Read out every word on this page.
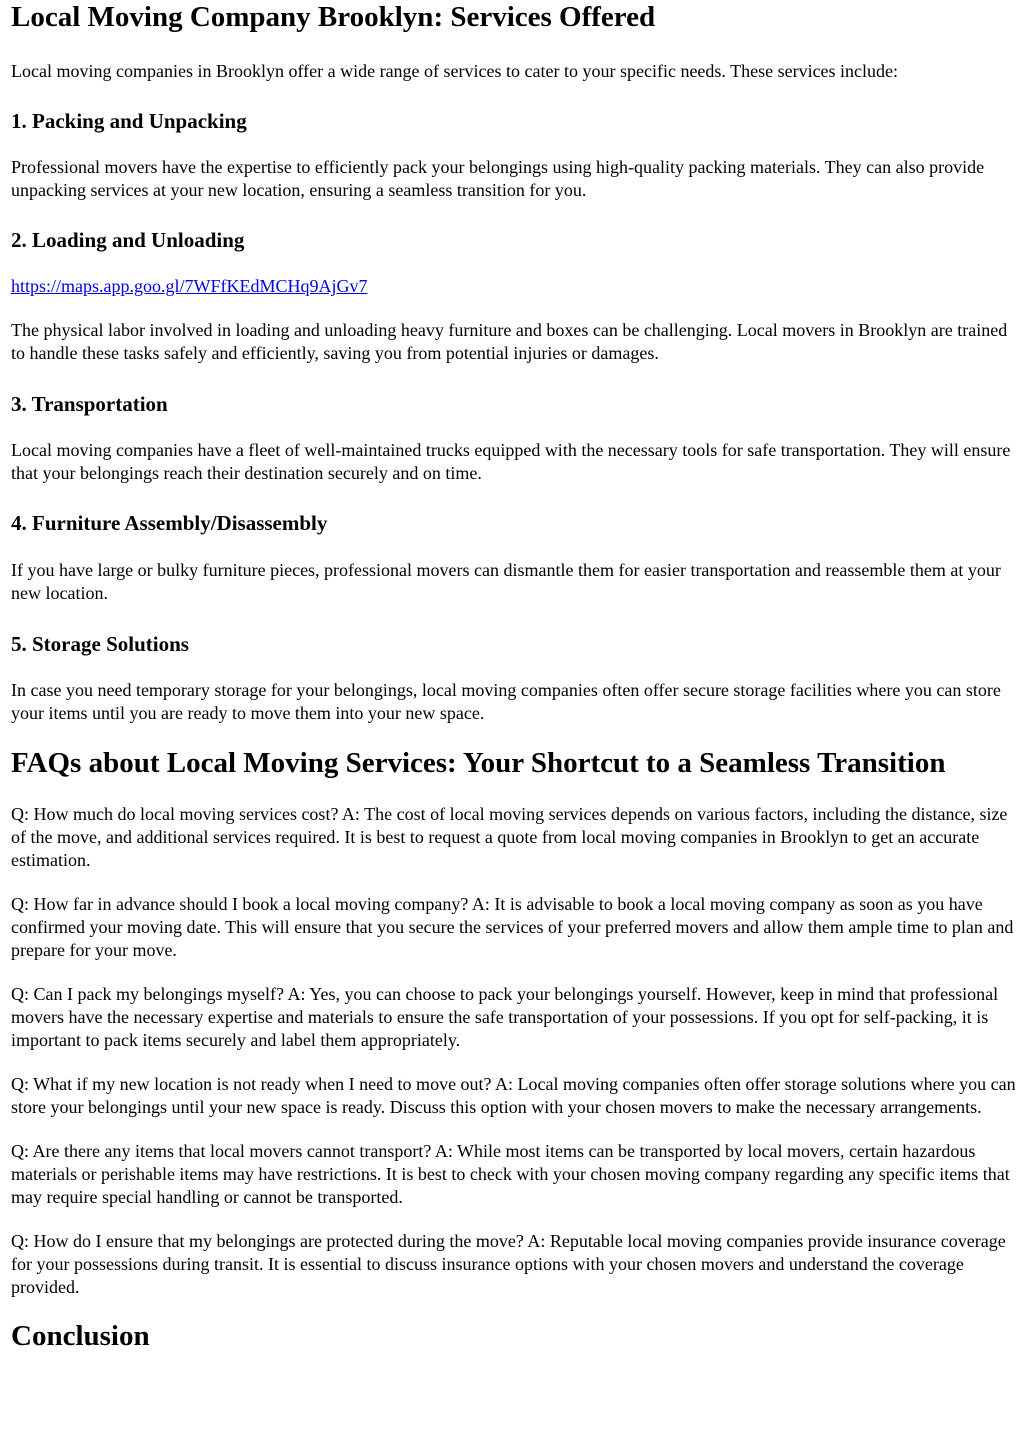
Local Moving Company Brooklyn: Services Offered

Local moving companies in Brooklyn offer a wide range of services to cater to your specific needs. These services include:

1. Packing and Unpacking

Professional movers have the expertise to efficiently pack your belongings using high-quality packing materials. They can also provide unpacking services at your new location, ensuring a seamless transition for you.

2. Loading and Unloading

https://maps.app.goo.gl/7WFfKEdMCHq9AjGv7

The physical labor involved in loading and unloading heavy furniture and boxes can be challenging. Local movers in Brooklyn are trained to handle these tasks safely and efficiently, saving you from potential injuries or damages.

3. Transportation

Local moving companies have a fleet of well-maintained trucks equipped with the necessary tools for safe transportation. They will ensure that your belongings reach their destination securely and on time.

4. Furniture Assembly/Disassembly

If you have large or bulky furniture pieces, professional movers can dismantle them for easier transportation and reassemble them at your new location.

5. Storage Solutions

In case you need temporary storage for your belongings, local moving companies often offer secure storage facilities where you can store your items until you are ready to move them into your new space.

FAQs about Local Moving Services: Your Shortcut to a Seamless Transition

Q: How much do local moving services cost? A: The cost of local moving services depends on various factors, including the distance, size of the move, and additional services required. It is best to request a quote from local moving companies in Brooklyn to get an accurate estimation.

Q: How far in advance should I book a local moving company? A: It is advisable to book a local moving company as soon as you have confirmed your moving date. This will ensure that you secure the services of your preferred movers and allow them ample time to plan and prepare for your move.

Q: Can I pack my belongings myself? A: Yes, you can choose to pack your belongings yourself. However, keep in mind that professional movers have the necessary expertise and materials to ensure the safe transportation of your possessions. If you opt for self-packing, it is important to pack items securely and label them appropriately.

Q: What if my new location is not ready when I need to move out? A: Local moving companies often offer storage solutions where you can store your belongings until your new space is ready. Discuss this option with your chosen movers to make the necessary arrangements.

Q: Are there any items that local movers cannot transport? A: While most items can be transported by local movers, certain hazardous materials or perishable items may have restrictions. It is best to check with your chosen moving company regarding any specific items that may require special handling or cannot be transported.

Q: How do I ensure that my belongings are protected during the move? A: Reputable local moving companies provide insurance coverage for your possessions during transit. It is essential to discuss insurance options with your chosen movers and understand the coverage provided.

Conclusion
